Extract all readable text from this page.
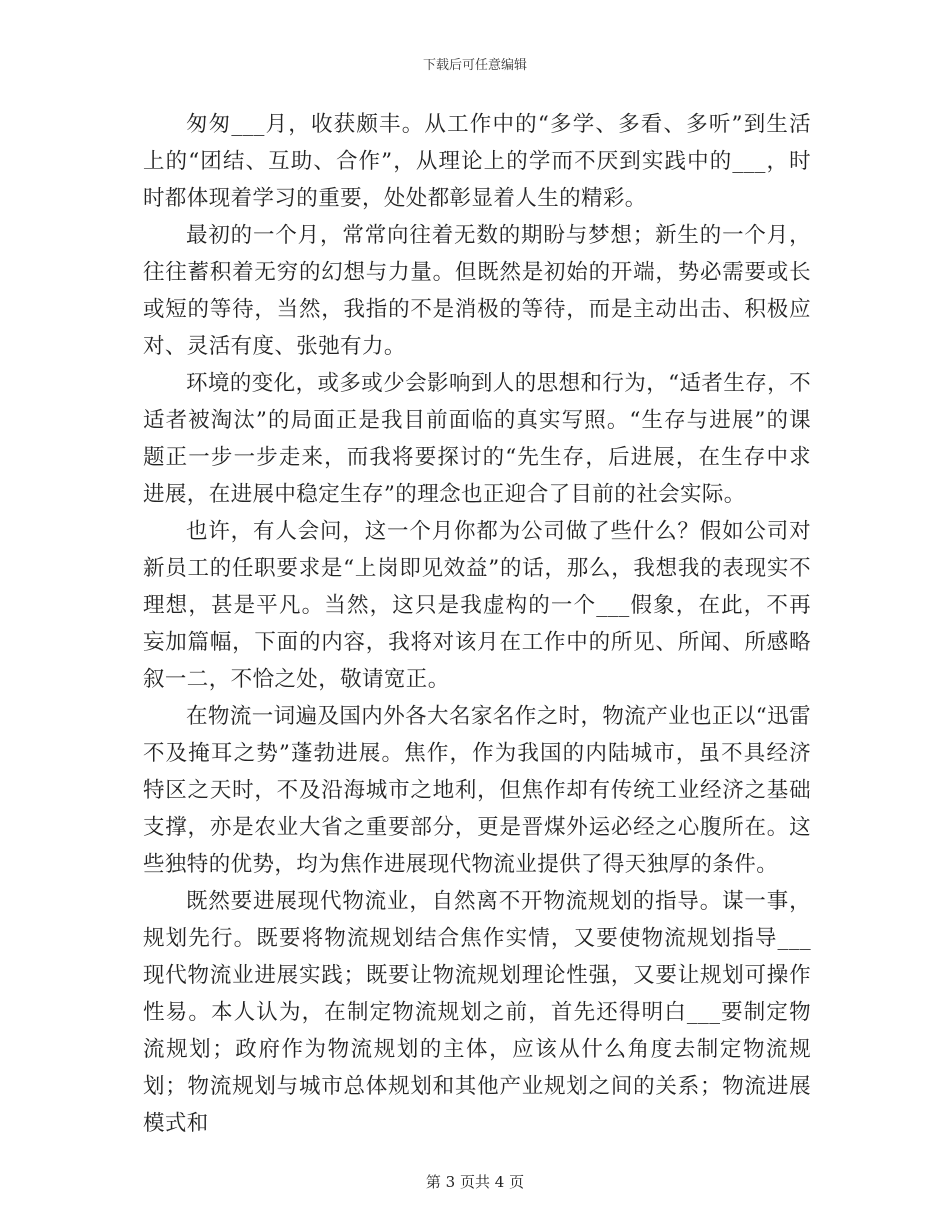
下载后可任意编辑

匆匆___月，收获颇丰。从工作中的“多学、多看、多听”到生活上的“团结、互助、合作”，从理论上的学而不厌到实践中的___，时时都体现着学习的重要，处处都彰显着人生的精彩。

最初的一个月，常常向往着无数的期盼与梦想；新生的一个月，往往蓄积着无穷的幻想与力量。但既然是初始的开端，势必需要或长或短的等待，当然，我指的不是消极的等待，而是主动出击、积极应对、灵活有度、张弛有力。

环境的变化，或多或少会影响到人的思想和行为，“适者生存，不适者被淘汰”的局面正是我目前面临的真实写照。“生存与进展”的课题正一步一步走来，而我将要探讨的“先生存，后进展，在生存中求进展，在进展中稳定生存”的理念也正迎合了目前的社会实际。

也许，有人会问，这一个月你都为公司做了些什么？假如公司对新员工的任职要求是“上岗即见效益”的话，那么，我想我的表现实不理想，甚是平凡。当然，这只是我虚构的一个___假象，在此，不再妄加篇幅，下面的内容，我将对该月在工作中的所见、所闻、所感略叙一二，不恰之处，敬请宽正。

在物流一词遍及国内外各大名家名作之时，物流产业也正以“迅雷不及掩耳之势”蓬勃进展。焦作，作为我国的内陆城市，虽不具经济特区之天时，不及沿海城市之地利，但焦作却有传统工业经济之基础支撑，亦是农业大省之重要部分，更是晋煤外运必经之心腹所在。这些独特的优势，均为焦作进展现代物流业提供了得天独厚的条件。

既然要进展现代物流业，自然离不开物流规划的指导。谋一事，规划先行。既要将物流规划结合焦作实情，又要使物流规划指导___现代物流业进展实践；既要让物流规划理论性强，又要让规划可操作性易。本人认为，在制定物流规划之前，首先还得明白___要制定物流规划；政府作为物流规划的主体，应该从什么角度去制定物流规划；物流规划与城市总体规划和其他产业规划之间的关系；物流进展模式和

第 3 页共 4 页
